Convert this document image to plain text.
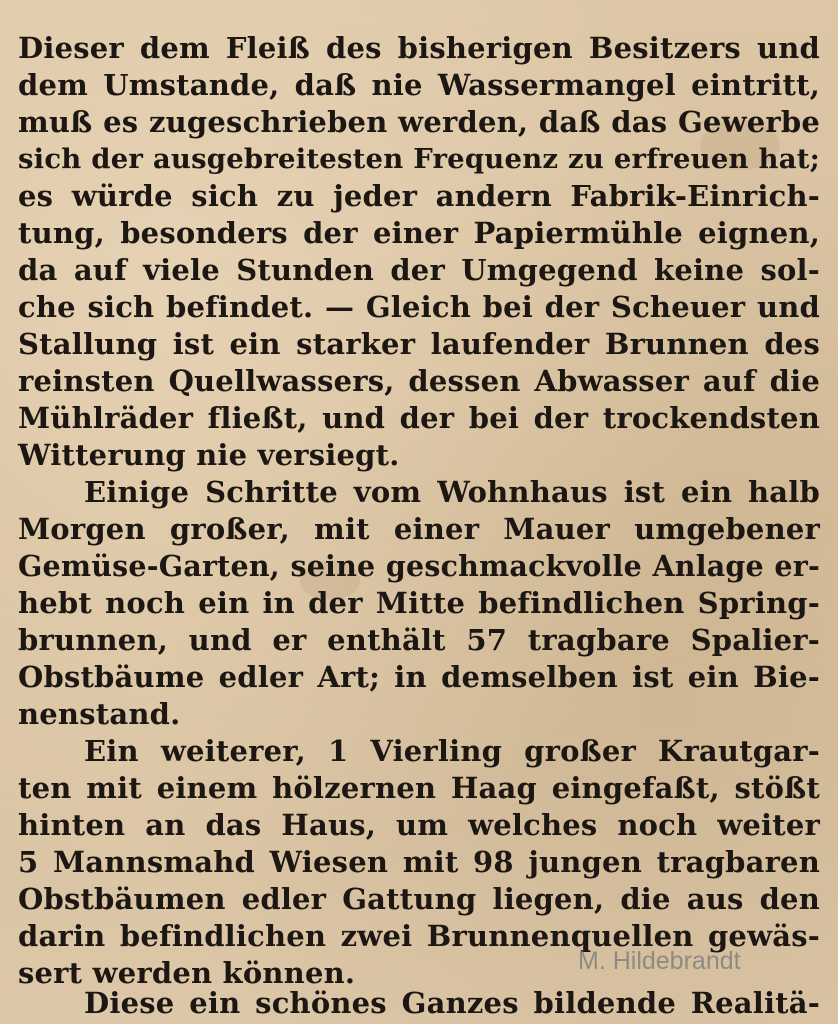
Dieser dem Fleiß des bisherigen Besitzers und
dem Umstande, daß nie Wassermangel eintritt,
muß es zugeschrieben werden, daß das Gewerbe
sich der ausgebreitesten Frequenz zu erfreuen hat;
es würde sich zu jeder andern Fabrik-Einrich-
tung, besonders der einer Papiermühle eignen,
da auf viele Stunden der Umgegend keine sol-
che sich befindet. — Gleich bei der Scheuer und
Stallung ist ein starker laufender Brunnen des
reinsten Quellwassers, dessen Abwasser auf die
Mühlräder fließt, und der bei der trockendsten
Witterung nie versiegt.
Einige Schritte vom Wohnhaus ist ein halb
Morgen großer, mit einer Mauer umgebener
Gemüse-Garten, seine geschmackvolle Anlage er-
hebt noch ein in der Mitte befindlichen Spring-
brunnen, und er enthält 57 tragbare Spalier-
Obstbäume edler Art; in demselben ist ein Bie-
nenstand.
Ein weiterer, 1 Vierling großer Krautgar-
ten mit einem hölzernen Haag eingefaßt, stößt
hinten an das Haus, um welches noch weiter
5 Mannsmahd Wiesen mit 98 jungen tragbaren
Obstbäumen edler Gattung liegen, die aus den
darin befindlichen zwei Brunnenquellen gewäs-
sert werden können.
Diese ein schönes Ganzes bildende Realitä-
M. Hildebrandt
